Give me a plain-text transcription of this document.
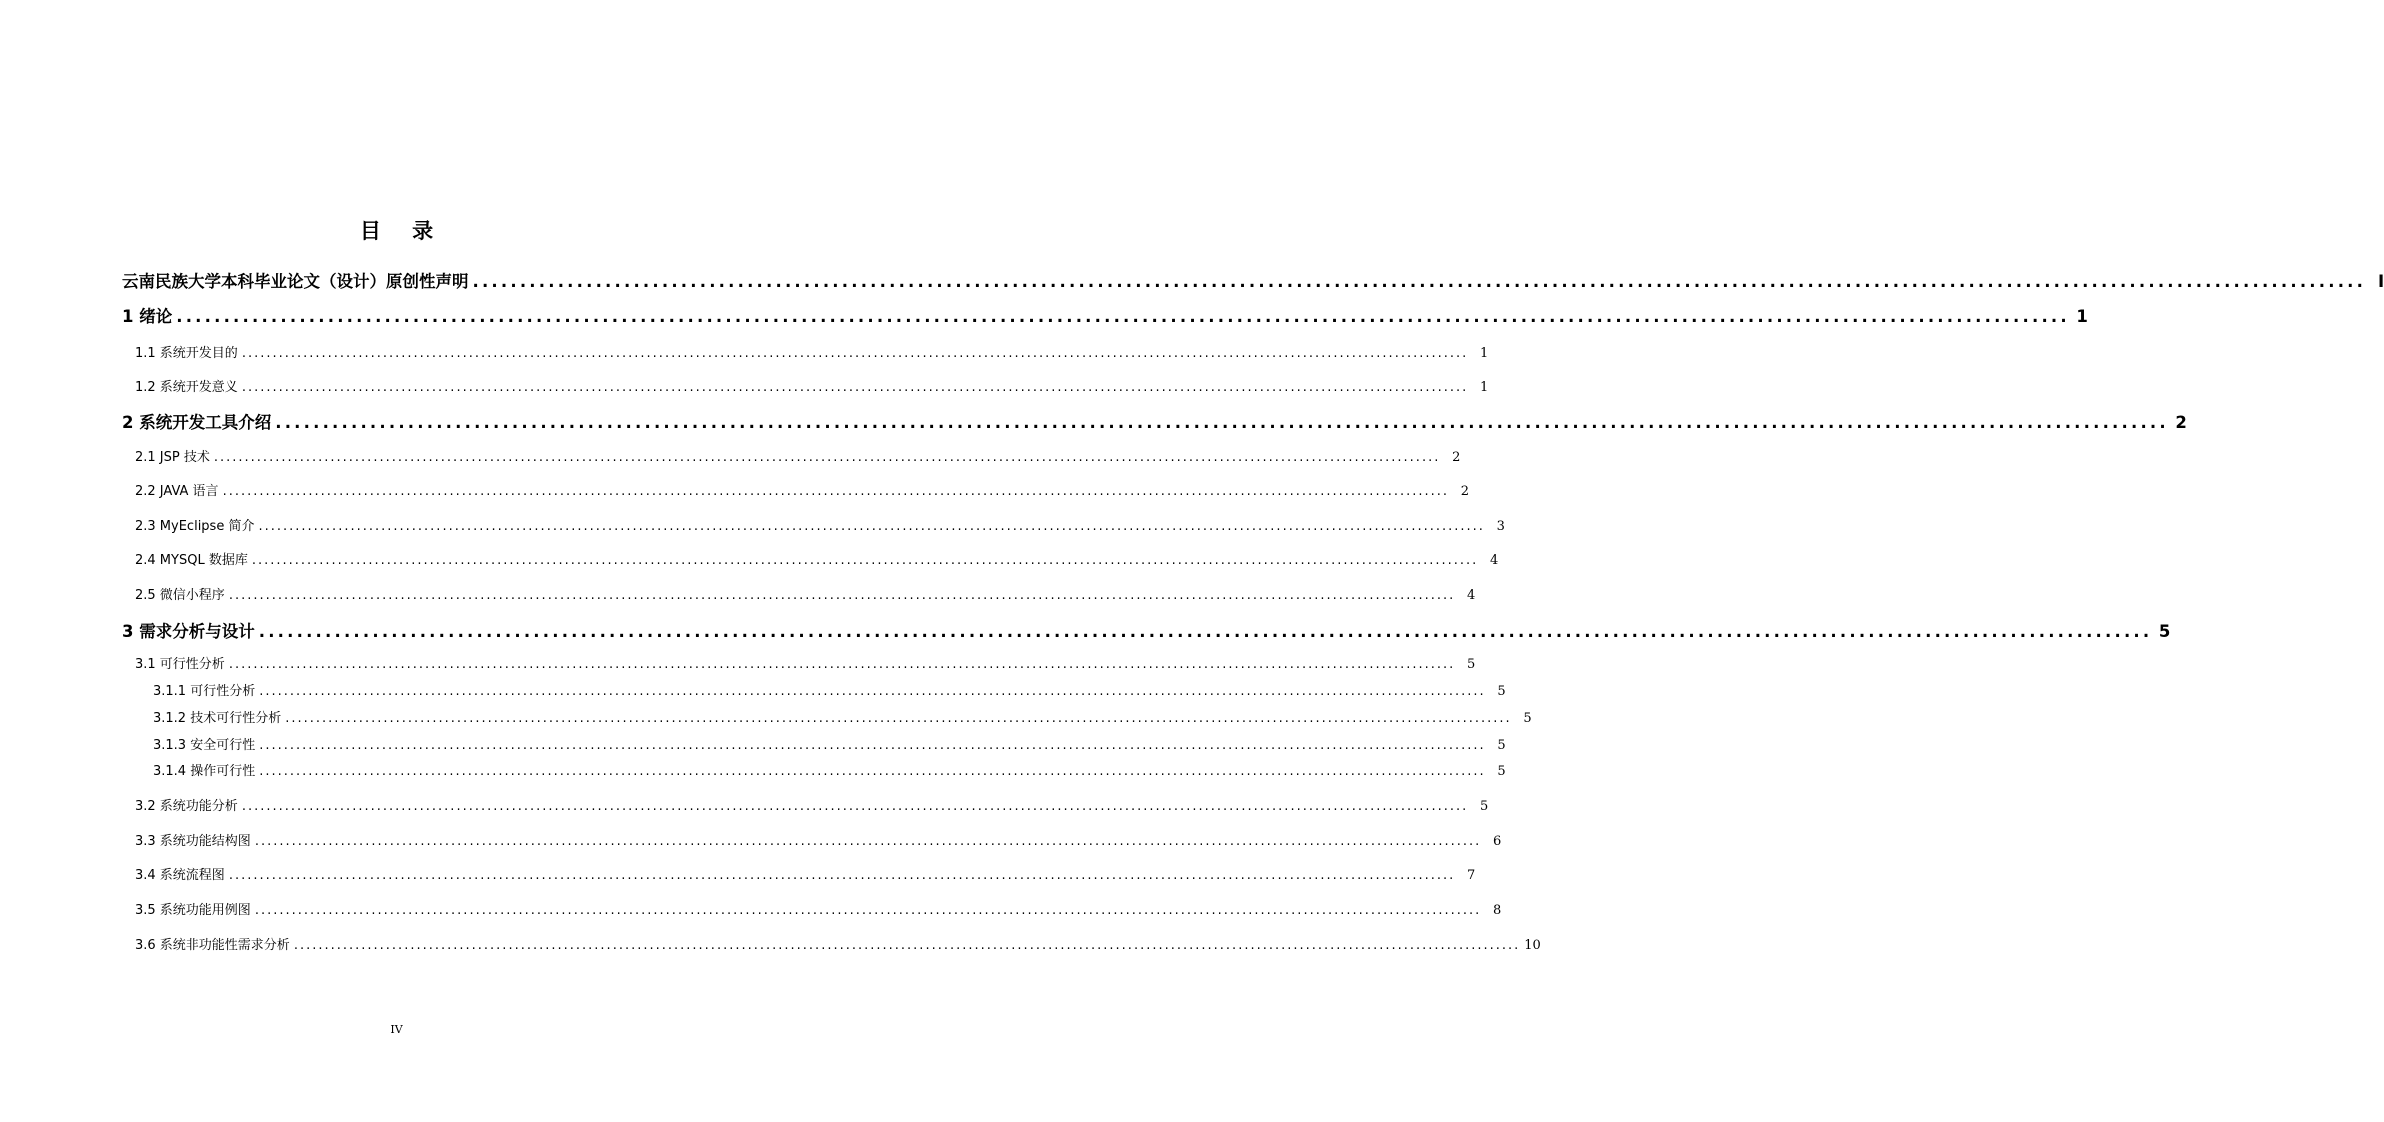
目 录
云南民族大学本科毕业论文（设计）原创性声明 ........................................................................................................................................................................................................ I
1 绪论 ........................................................................................................................................................................................................ 1
1.1 系统开发目的 ........................................................................................................................................................................................................ 1
1.2 系统开发意义 ........................................................................................................................................................................................................ 1
2 系统开发工具介绍 ........................................................................................................................................................................................................ 2
2.1 JSP 技术 ........................................................................................................................................................................................................ 2
2.2 JAVA 语言 ........................................................................................................................................................................................................ 2
2.3 MyEclipse 简介 ........................................................................................................................................................................................................ 3
2.4 MYSQL 数据库 ........................................................................................................................................................................................................ 4
2.5 微信小程序 ........................................................................................................................................................................................................ 4
3 需求分析与设计 ........................................................................................................................................................................................................ 5
3.1 可行性分析 ........................................................................................................................................................................................................ 5
3.1.1 可行性分析 ........................................................................................................................................................................................................ 5
3.1.2 技术可行性分析 ........................................................................................................................................................................................................ 5
3.1.3 安全可行性 ........................................................................................................................................................................................................ 5
3.1.4 操作可行性 ........................................................................................................................................................................................................ 5
3.2 系统功能分析 ........................................................................................................................................................................................................ 5
3.3 系统功能结构图 ........................................................................................................................................................................................................ 6
3.4 系统流程图 ........................................................................................................................................................................................................ 7
3.5 系统功能用例图 ........................................................................................................................................................................................................ 8
3.6 系统非功能性需求分析 ........................................................................................................................................................................................................ 10
IV
